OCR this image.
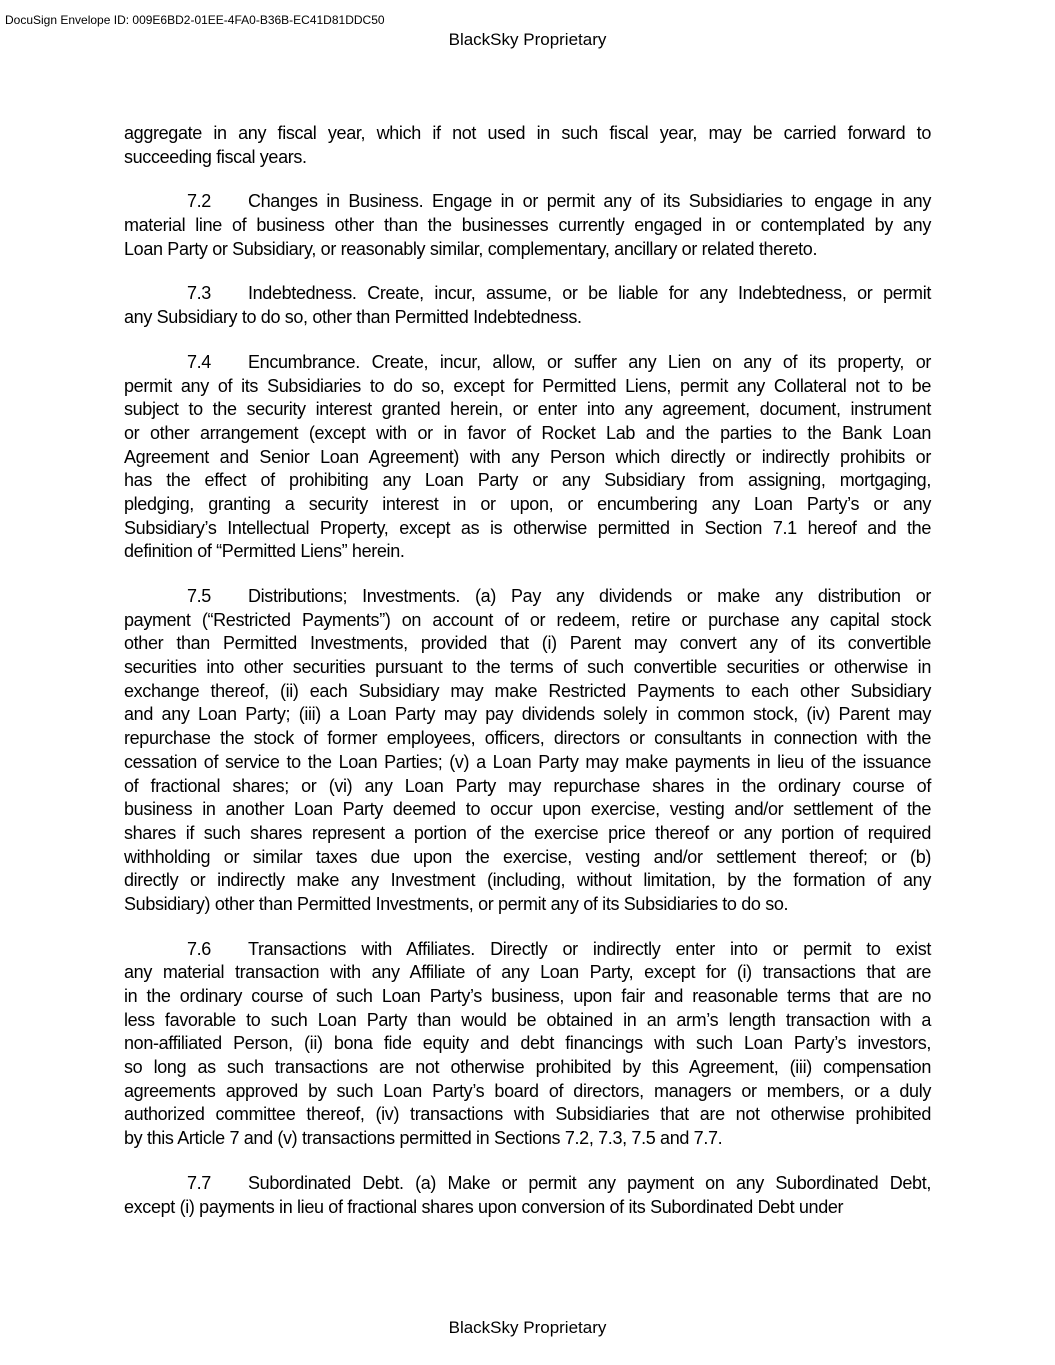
DocuSign Envelope ID: 009E6BD2-01EE-4FA0-B36B-EC41D81DDC50
BlackSky Proprietary
aggregate in any fiscal year, which if not used in such fiscal year, may be carried forward to
succeeding fiscal years.
7.2 Changes in Business. Engage in or permit any of its Subsidiaries to engage in any
material line of business other than the businesses currently engaged in or contemplated by any
Loan Party or Subsidiary, or reasonably similar, complementary, ancillary or related thereto.
7.3 Indebtedness. Create, incur, assume, or be liable for any Indebtedness, or permit
any Subsidiary to do so, other than Permitted Indebtedness.
7.4 Encumbrance. Create, incur, allow, or suffer any Lien on any of its property, or
permit any of its Subsidiaries to do so, except for Permitted Liens, permit any Collateral not to be
subject to the security interest granted herein, or enter into any agreement, document, instrument
or other arrangement (except with or in favor of Rocket Lab and the parties to the Bank Loan
Agreement and Senior Loan Agreement) with any Person which directly or indirectly prohibits or
has the effect of prohibiting any Loan Party or any Subsidiary from assigning, mortgaging,
pledging, granting a security interest in or upon, or encumbering any Loan Party’s or any
Subsidiary’s Intellectual Property, except as is otherwise permitted in Section 7.1 hereof and the
definition of “Permitted Liens” herein.
7.5 Distributions; Investments. (a) Pay any dividends or make any distribution or
payment (“Restricted Payments”) on account of or redeem, retire or purchase any capital stock
other than Permitted Investments, provided that (i) Parent may convert any of its convertible
securities into other securities pursuant to the terms of such convertible securities or otherwise in
exchange thereof, (ii) each Subsidiary may make Restricted Payments to each other Subsidiary
and any Loan Party; (iii) a Loan Party may pay dividends solely in common stock, (iv) Parent may
repurchase the stock of former employees, officers, directors or consultants in connection with the
cessation of service to the Loan Parties; (v) a Loan Party may make payments in lieu of the issuance
of fractional shares; or (vi) any Loan Party may repurchase shares in the ordinary course of
business in another Loan Party deemed to occur upon exercise, vesting and/or settlement of the
shares if such shares represent a portion of the exercise price thereof or any portion of required
withholding or similar taxes due upon the exercise, vesting and/or settlement thereof; or (b)
directly or indirectly make any Investment (including, without limitation, by the formation of any
Subsidiary) other than Permitted Investments, or permit any of its Subsidiaries to do so.
7.6 Transactions with Affiliates. Directly or indirectly enter into or permit to exist
any material transaction with any Affiliate of any Loan Party, except for (i) transactions that are
in the ordinary course of such Loan Party’s business, upon fair and reasonable terms that are no
less favorable to such Loan Party than would be obtained in an arm’s length transaction with a
non-affiliated Person, (ii) bona fide equity and debt financings with such Loan Party’s investors,
so long as such transactions are not otherwise prohibited by this Agreement, (iii) compensation
agreements approved by such Loan Party’s board of directors, managers or members, or a duly
authorized committee thereof, (iv) transactions with Subsidiaries that are not otherwise prohibited
by this Article 7 and (v) transactions permitted in Sections 7.2, 7.3, 7.5 and 7.7.
7.7 Subordinated Debt. (a) Make or permit any payment on any Subordinated Debt,
except (i) payments in lieu of fractional shares upon conversion of its Subordinated Debt under
BlackSky Proprietary
